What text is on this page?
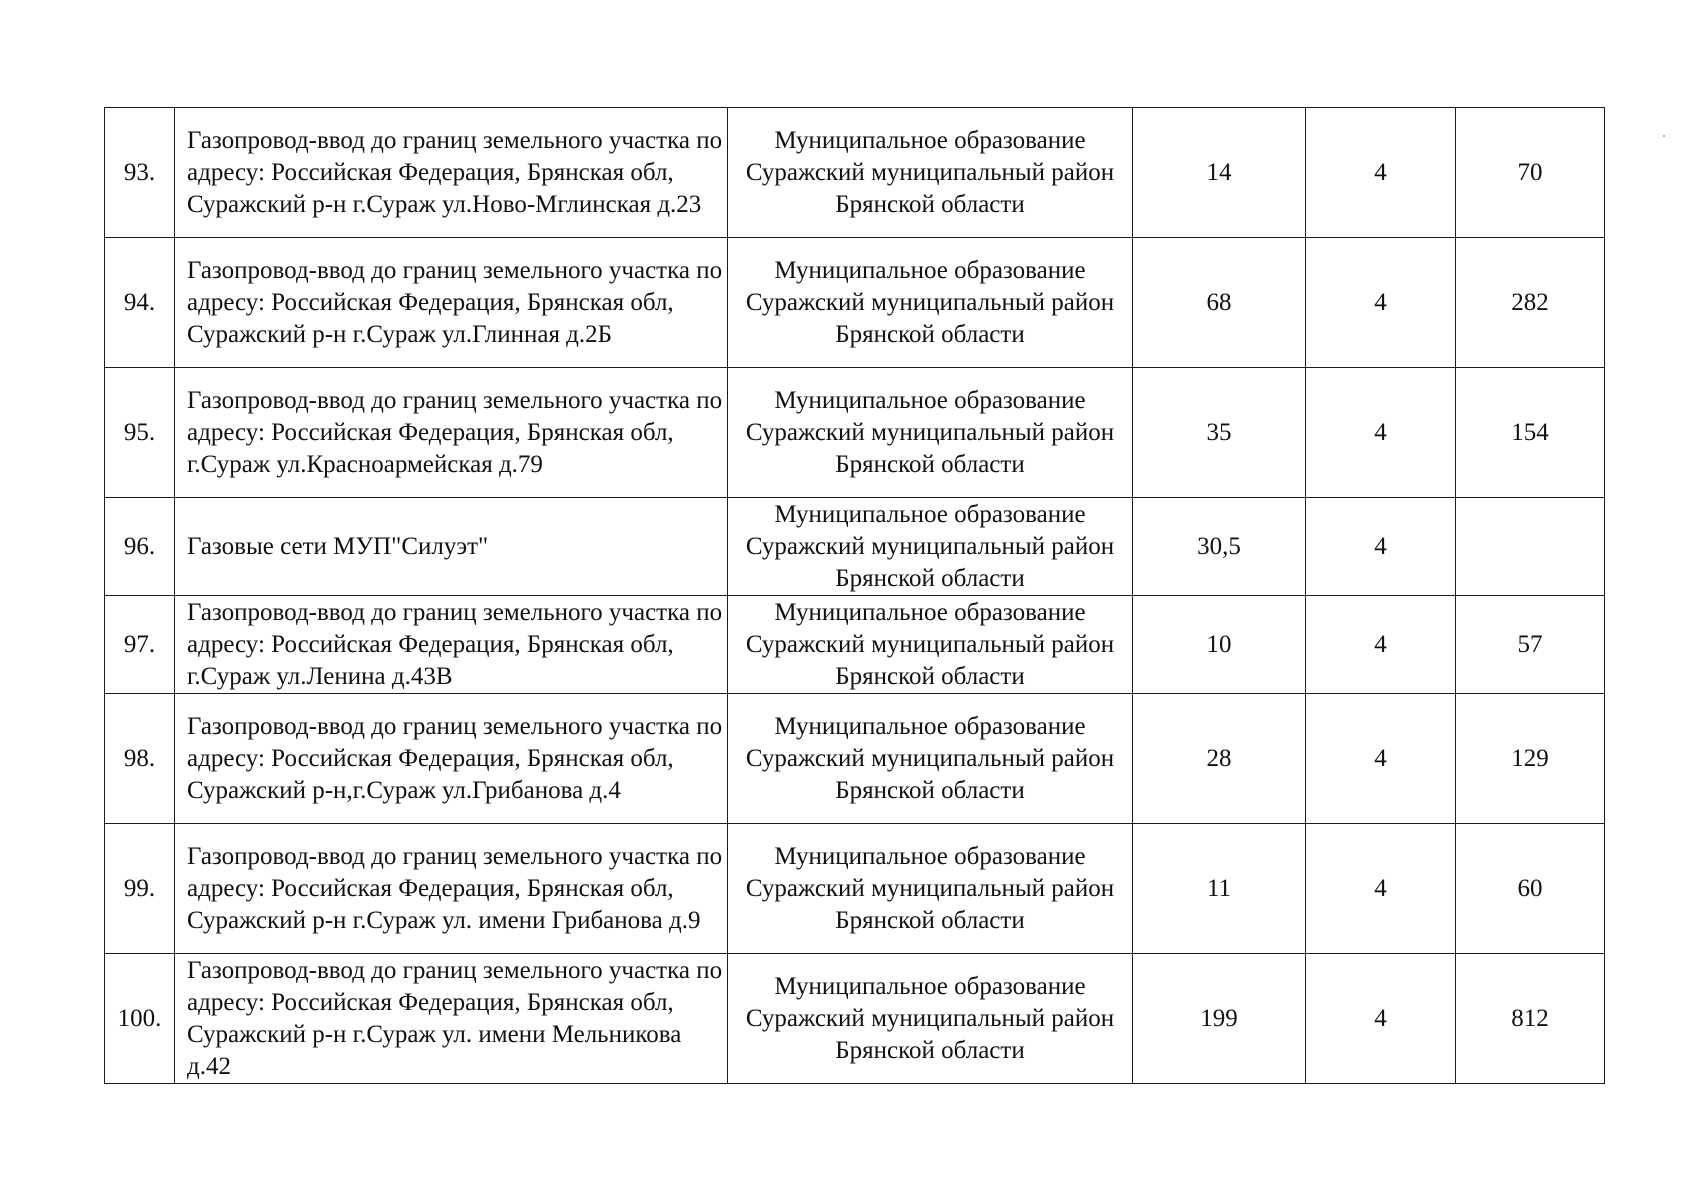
93.	Газопровод-ввод до границ земельного участка по адресу: Российская Федерация, Брянская обл, Суражский р-н г.Сураж ул.Ново-Мглинская д.23	Муниципальное образование Суражский муниципальный район Брянской области	14	4	70
94.	Газопровод-ввод до границ земельного участка по адресу: Российская Федерация, Брянская обл, Суражский р-н г.Сураж ул.Глинная д.2Б	Муниципальное образование Суражский муниципальный район Брянской области	68	4	282
95.	Газопровод-ввод до границ земельного участка по адресу: Российская Федерация, Брянская обл, г.Сураж ул.Красноармейская д.79	Муниципальное образование Суражский муниципальный район Брянской области	35	4	154
96.	Газовые сети МУП"Силуэт"	Муниципальное образование Суражский муниципальный район Брянской области	30,5	4	
97.	Газопровод-ввод до границ земельного участка по адресу: Российская Федерация, Брянская обл, г.Сураж ул.Ленина д.43В	Муниципальное образование Суражский муниципальный район Брянской области	10	4	57
98.	Газопровод-ввод до границ земельного участка по адресу: Российская Федерация, Брянская обл, Суражский р-н,г.Сураж ул.Грибанова д.4	Муниципальное образование Суражский муниципальный район Брянской области	28	4	129
99.	Газопровод-ввод до границ земельного участка по адресу: Российская Федерация, Брянская обл, Суражский р-н г.Сураж ул. имени Грибанова д.9	Муниципальное образование Суражский муниципальный район Брянской области	11	4	60
100.	Газопровод-ввод до границ земельного участка по адресу: Российская Федерация, Брянская обл, Суражский р-н г.Сураж ул. имени Мельникова д.42	Муниципальное образование Суражский муниципальный район Брянской области	199	4	812
